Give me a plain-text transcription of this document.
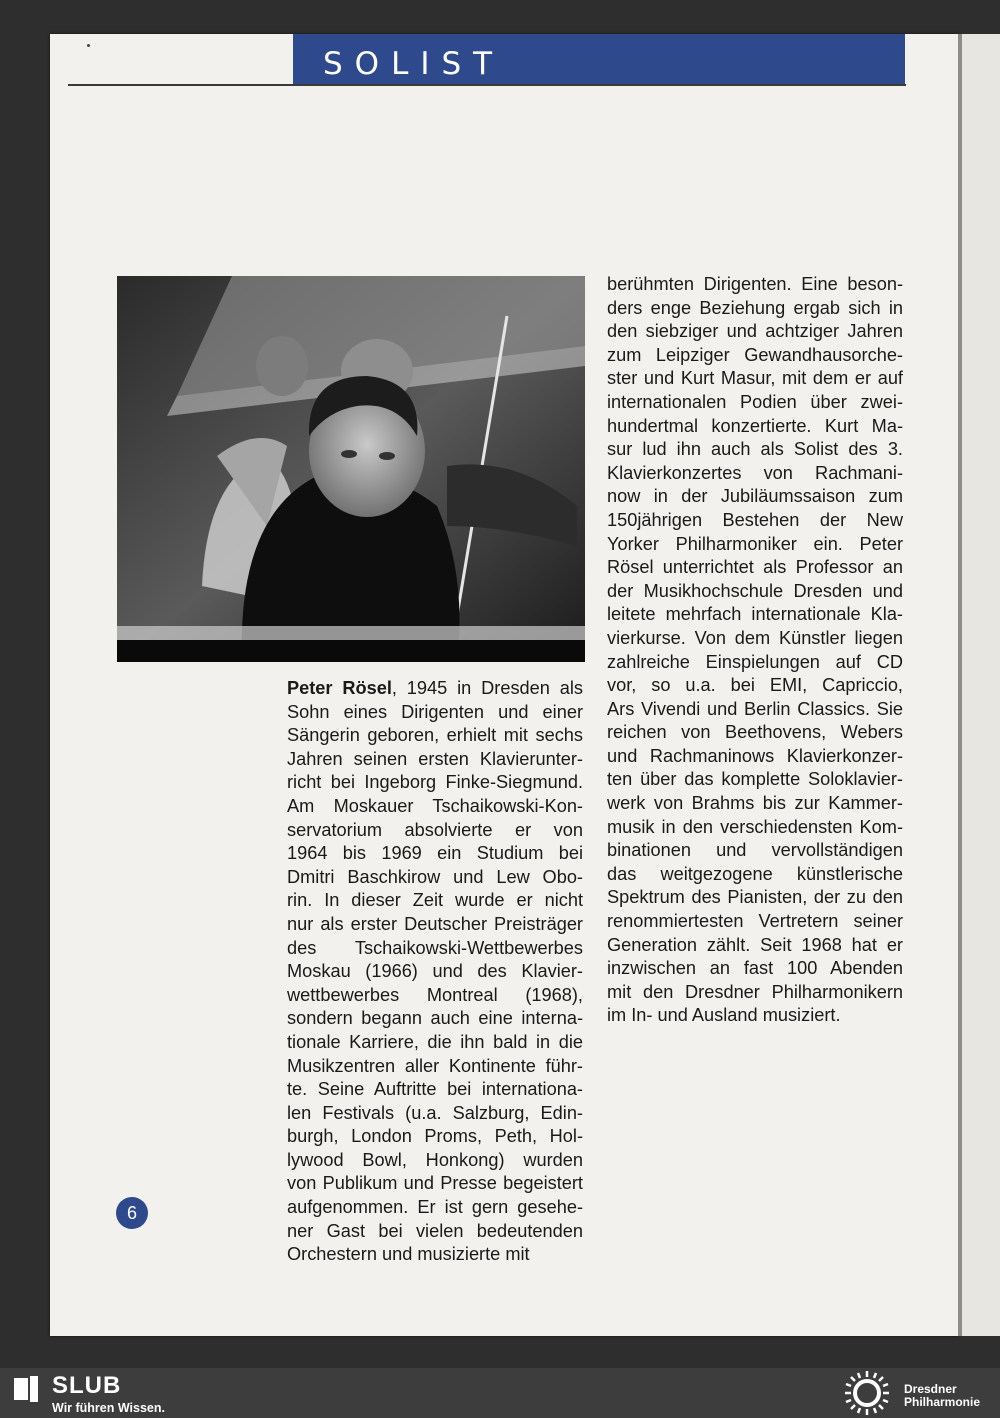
SOLIST

Peter Rösel, 1945 in Dresden als
Sohn eines Dirigenten und einer
Sängerin geboren, erhielt mit sechs
Jahren seinen ersten Klavierunter-
richt bei Ingeborg Finke-Siegmund.
Am Moskauer Tschaikowski-Kon-
servatorium absolvierte er von
1964 bis 1969 ein Studium bei
Dmitri Baschkirow und Lew Obo-
rin. In dieser Zeit wurde er nicht
nur als erster Deutscher Preisträger
des Tschaikowski-Wettbewerbes
Moskau (1966) und des Klavier-
wettbewerbes Montreal (1968),
sondern begann auch eine interna-
tionale Karriere, die ihn bald in die
Musikzentren aller Kontinente führ-
te. Seine Auftritte bei internationa-
len Festivals (u.a. Salzburg, Edin-
burgh, London Proms, Peth, Hol-
lywood Bowl, Honkong) wurden
von Publikum und Presse begeistert
aufgenommen. Er ist gern gesehe-
ner Gast bei vielen bedeutenden
Orchestern und musizierte mit

berühmten Dirigenten. Eine beson-
ders enge Beziehung ergab sich in
den siebziger und achtziger Jahren
zum Leipziger Gewandhausorche-
ster und Kurt Masur, mit dem er auf
internationalen Podien über zwei-
hundertmal konzertierte. Kurt Ma-
sur lud ihn auch als Solist des 3.
Klavierkonzertes von Rachmani-
now in der Jubiläumssaison zum
150jährigen Bestehen der New
Yorker Philharmoniker ein. Peter
Rösel unterrichtet als Professor an
der Musikhochschule Dresden und
leitete mehrfach internationale Kla-
vierkurse. Von dem Künstler liegen
zahlreiche Einspielungen auf CD
vor, so u.a. bei EMI, Capriccio,
Ars Vivendi und Berlin Classics. Sie
reichen von Beethovens, Webers
und Rachmaninows Klavierkonzer-
ten über das komplette Soloklavier-
werk von Brahms bis zur Kammer-
musik in den verschiedensten Kom-
binationen und vervollständigen
das weitgezogene künstlerische
Spektrum des Pianisten, der zu den
renommiertesten Vertretern seiner
Generation zählt. Seit 1968 hat er
inzwischen an fast 100 Abenden
mit den Dresdner Philharmonikern
im In- und Ausland musiziert.

6
SLUB
Wir führen Wissen.
Dresdner
Philharmonie
